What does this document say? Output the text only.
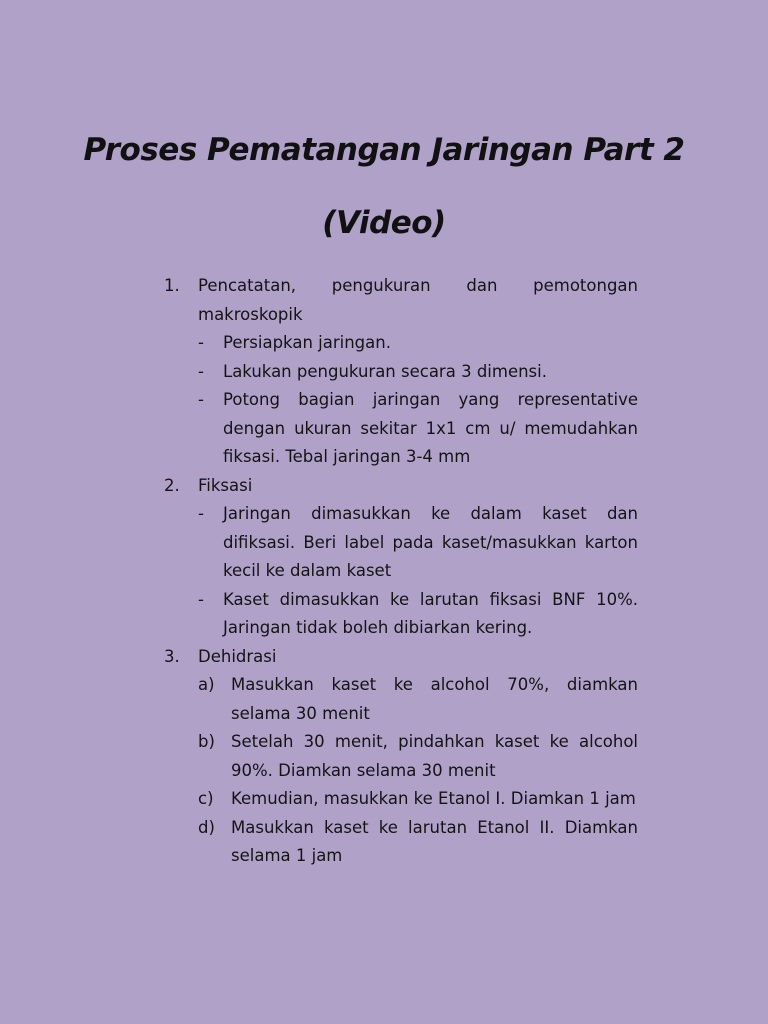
Proses Pematangan Jaringan Part 2
(Video)
1. Pencatatan, pengukuran dan pemotongan
makroskopik
- Persiapkan jaringan.
- Lakukan pengukuran secara 3 dimensi.
- Potong bagian jaringan yang representative dengan ukuran sekitar 1x1 cm u/ memudahkan fiksasi. Tebal jaringan 3-4 mm
2. Fiksasi
- Jaringan dimasukkan ke dalam kaset dan difiksasi. Beri label pada kaset/masukkan karton kecil ke dalam kaset
- Kaset dimasukkan ke larutan fiksasi BNF 10%. Jaringan tidak boleh dibiarkan kering.
3. Dehidrasi
a) Masukkan kaset ke alcohol 70%, diamkan selama 30 menit
b) Setelah 30 menit, pindahkan kaset ke alcohol 90%. Diamkan selama 30 menit
c) Kemudian, masukkan ke Etanol I. Diamkan 1 jam
d) Masukkan kaset ke larutan Etanol II. Diamkan selama 1 jam
